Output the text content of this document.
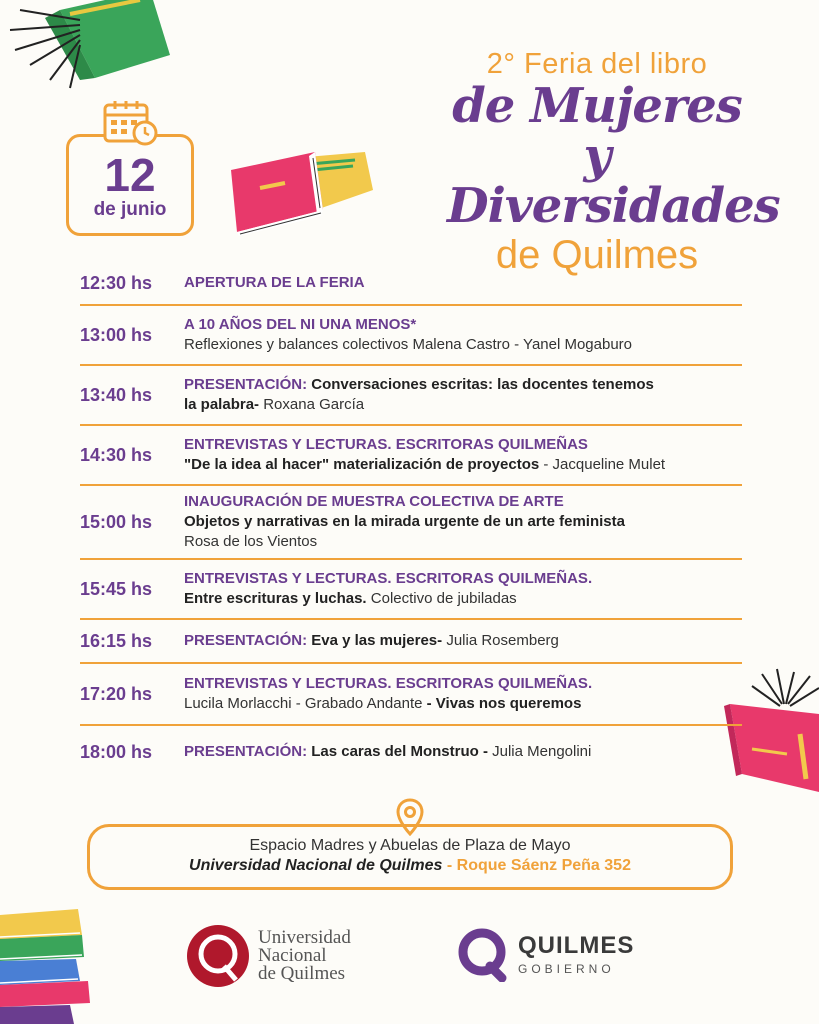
2° Feria del libro
de Mujeres
y Diversidades
de Quilmes
12
de junio
12:30 hs	APERTURA DE LA FERIA
13:00 hs	A 10 AÑOS DEL NI UNA MENOS*
Reflexiones y balances colectivos Malena Castro - Yanel Mogaburo
13:40 hs	PRESENTACIÓN: Conversaciones escritas: las docentes tenemos
la palabra- Roxana García
14:30 hs	ENTREVISTAS Y LECTURAS. ESCRITORAS QUILMEÑAS
"De la idea al hacer" materialización de proyectos - Jacqueline Mulet
15:00 hs
INAUGURACIÓN DE MUESTRA COLECTIVA DE ARTE
Objetos y narrativas en la mirada urgente de un arte feminista
Rosa de los Vientos
15:45 hs	ENTREVISTAS Y LECTURAS. ESCRITORAS QUILMEÑAS.
Entre escrituras y luchas. Colectivo de jubiladas
16:15 hs	PRESENTACIÓN: Eva y las mujeres- Julia Rosemberg
17:20 hs	ENTREVISTAS Y LECTURAS. ESCRITORAS QUILMEÑAS.
Lucila Morlacchi - Grabado Andante - Vivas nos queremos
18:00 hs	PRESENTACIÓN: Las caras del Monstruo - Julia Mengolini
Espacio Madres y Abuelas de Plaza de Mayo
Universidad Nacional de Quilmes - Roque Sáenz Peña 352
Universidad
Nacional
de Quilmes
QUILMES
GOBIERNO
